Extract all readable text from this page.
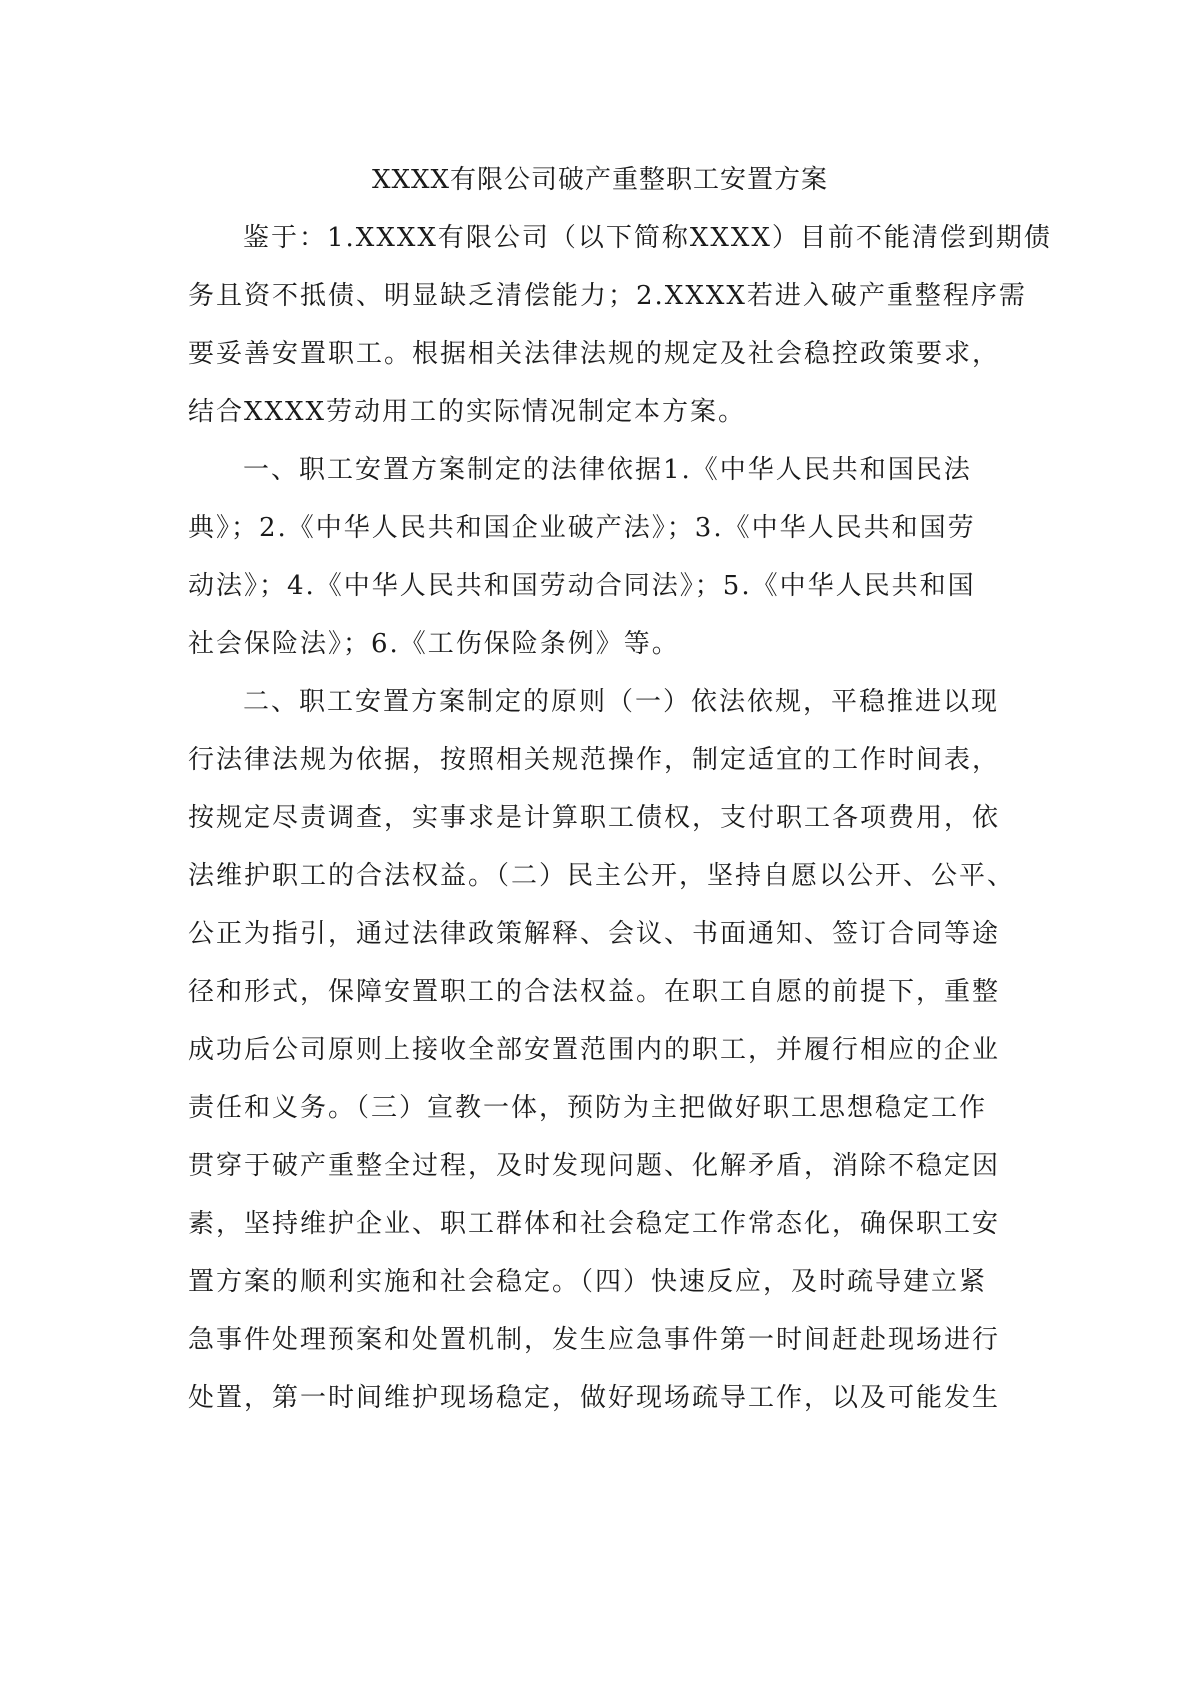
XXXX有限公司破产重整职工安置方案

鉴于：1.XXXX有限公司（以下简称XXXX）目前不能清偿到期债

务且资不抵债、明显缺乏清偿能力；2.XXXX若进入破产重整程序需

要妥善安置职工。根据相关法律法规的规定及社会稳控政策要求，

结合XXXX劳动用工的实际情况制定本方案。

一、职工安置方案制定的法律依据1.《中华人民共和国民法

典》；2.《中华人民共和国企业破产法》；3.《中华人民共和国劳

动法》；4.《中华人民共和国劳动合同法》；5.《中华人民共和国

社会保险法》；6.《工伤保险条例》等。

二、职工安置方案制定的原则（一）依法依规，平稳推进以现

行法律法规为依据，按照相关规范操作，制定适宜的工作时间表，

按规定尽责调查，实事求是计算职工债权，支付职工各项费用，依

法维护职工的合法权益。（二）民主公开，坚持自愿以公开、公平、

公正为指引，通过法律政策解释、会议、书面通知、签订合同等途

径和形式，保障安置职工的合法权益。在职工自愿的前提下，重整

成功后公司原则上接收全部安置范围内的职工，并履行相应的企业

责任和义务。（三）宣教一体，预防为主把做好职工思想稳定工作

贯穿于破产重整全过程，及时发现问题、化解矛盾，消除不稳定因

素，坚持维护企业、职工群体和社会稳定工作常态化，确保职工安

置方案的顺利实施和社会稳定。（四）快速反应，及时疏导建立紧

急事件处理预案和处置机制，发生应急事件第一时间赶赴现场进行

处置，第一时间维护现场稳定，做好现场疏导工作，以及可能发生
